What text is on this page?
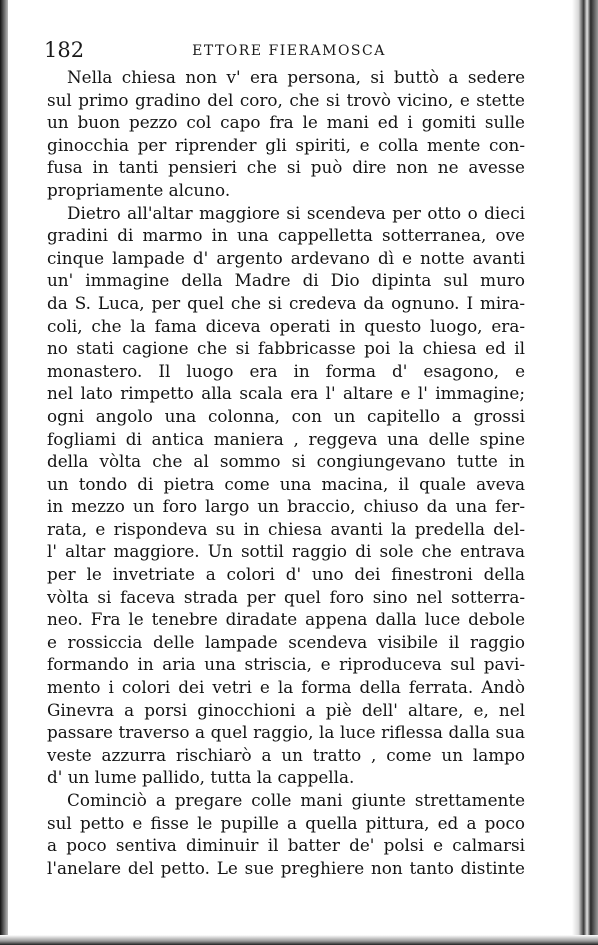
182	ETTORE FIERAMOSCA
Nella chiesa non v' era persona, si buttò a sedere
sul primo gradino del coro, che si trovò vicino, e stette
un buon pezzo col capo fra le mani ed i gomiti sulle
ginocchia per riprender gli spiriti, e colla mente con-
fusa in tanti pensieri che si può dire non ne avesse
propriamente alcuno.
Dietro all'altar maggiore si scendeva per otto o dieci
gradini di marmo in una cappelletta sotterranea, ove
cinque lampade d' argento ardevano dì e notte avanti
un' immagine della Madre di Dio dipinta sul muro
da S. Luca, per quel che si credeva da ognuno. I mira-
coli, che la fama diceva operati in questo luogo, era-
no stati cagione che si fabbricasse poi la chiesa ed il
monastero. Il luogo era in forma d' esagono, e
nel lato rimpetto alla scala era l' altare e l' immagine;
ogni angolo una colonna, con un capitello a grossi
fogliami di antica maniera , reggeva una delle spine
della vòlta che al sommo si congiungevano tutte in
un tondo di pietra come una macina, il quale aveva
in mezzo un foro largo un braccio, chiuso da una fer-
rata, e rispondeva su in chiesa avanti la predella del-
l' altar maggiore. Un sottil raggio di sole che entrava
per le invetriate a colori d' uno dei finestroni della
vòlta si faceva strada per quel foro sino nel sotterra-
neo. Fra le tenebre diradate appena dalla luce debole
e rossiccia delle lampade scendeva visibile il raggio
formando in aria una striscia, e riproduceva sul pavi-
mento i colori dei vetri e la forma della ferrata. Andò
Ginevra a porsi ginocchioni a piè dell' altare, e, nel
passare traverso a quel raggio, la luce riflessa dalla sua
veste azzurra rischiarò a un tratto , come un lampo
d' un lume pallido, tutta la cappella.
Cominciò a pregare colle mani giunte strettamente
sul petto e fisse le pupille a quella pittura, ed a poco
a poco sentiva diminuir il batter de' polsi e calmarsi
l'anelare del petto. Le sue preghiere non tanto distinte
